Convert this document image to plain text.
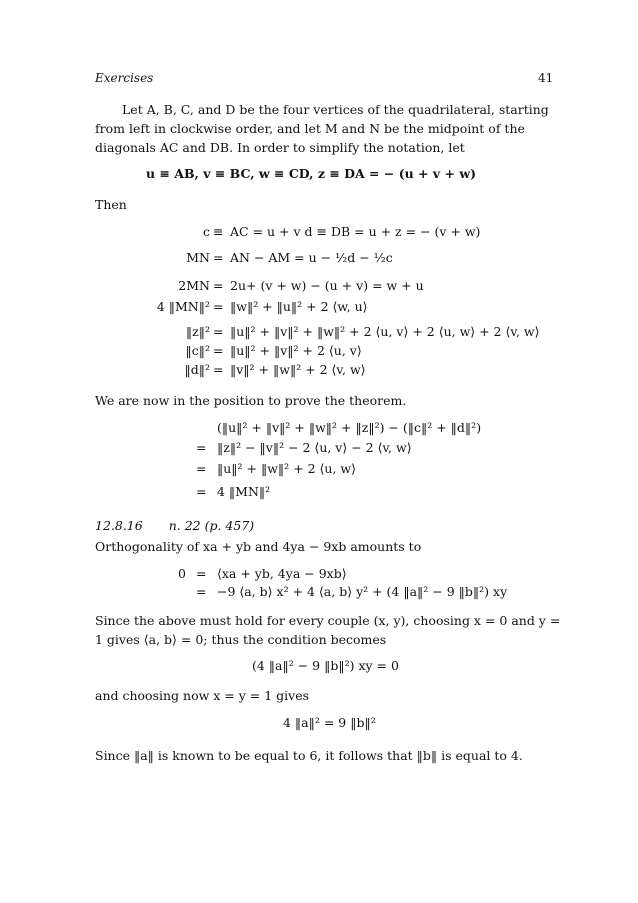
Exercises	41
Let A, B, C, and D be the four vertices of the quadrilateral, starting from left in clockwise order, and let M and N be the midpoint of the diagonals AC and DB. In order to simplify the notation, let
u ≡ AB, v ≡ BC, w ≡ CD, z ≡ DA = − (u + v + w)
Then
c ≡ AC = u + v d ≡ DB = u + z = − (v + w)
MN = AN − AM = u − ½d − ½c
2MN = 2u+ (v + w) − (u + v) = w + u
4 ‖MN‖² = ‖w‖² + ‖u‖² + 2 ⟨w, u⟩
‖z‖² = ‖u‖² + ‖v‖² + ‖w‖² + 2 ⟨u, v⟩ + 2 ⟨u, w⟩ + 2 ⟨v, w⟩
‖c‖² = ‖u‖² + ‖v‖² + 2 ⟨u, v⟩
‖d‖² = ‖v‖² + ‖w‖² + 2 ⟨v, w⟩
We are now in the position to prove the theorem.
(‖u‖² + ‖v‖² + ‖w‖² + ‖z‖²) − (‖c‖² + ‖d‖²)
= ‖z‖² − ‖v‖² − 2 ⟨u, v⟩ − 2 ⟨v, w⟩
= ‖u‖² + ‖w‖² + 2 ⟨u, w⟩
= 4 ‖MN‖²
12.8.16 n. 22 (p. 457)
Orthogonality of xa + yb and 4ya − 9xb amounts to
0 = ⟨xa + yb, 4ya − 9xb⟩
= −9 ⟨a, b⟩ x² + 4 ⟨a, b⟩ y² + (4 ‖a‖² − 9 ‖b‖²) xy
Since the above must hold for every couple (x, y), choosing x = 0 and y = 1 gives ⟨a, b⟩ = 0; thus the condition becomes
(4 ‖a‖² − 9 ‖b‖²) xy = 0
and choosing now x = y = 1 gives
4 ‖a‖² = 9 ‖b‖²
Since ‖a‖ is known to be equal to 6, it follows that ‖b‖ is equal to 4.
